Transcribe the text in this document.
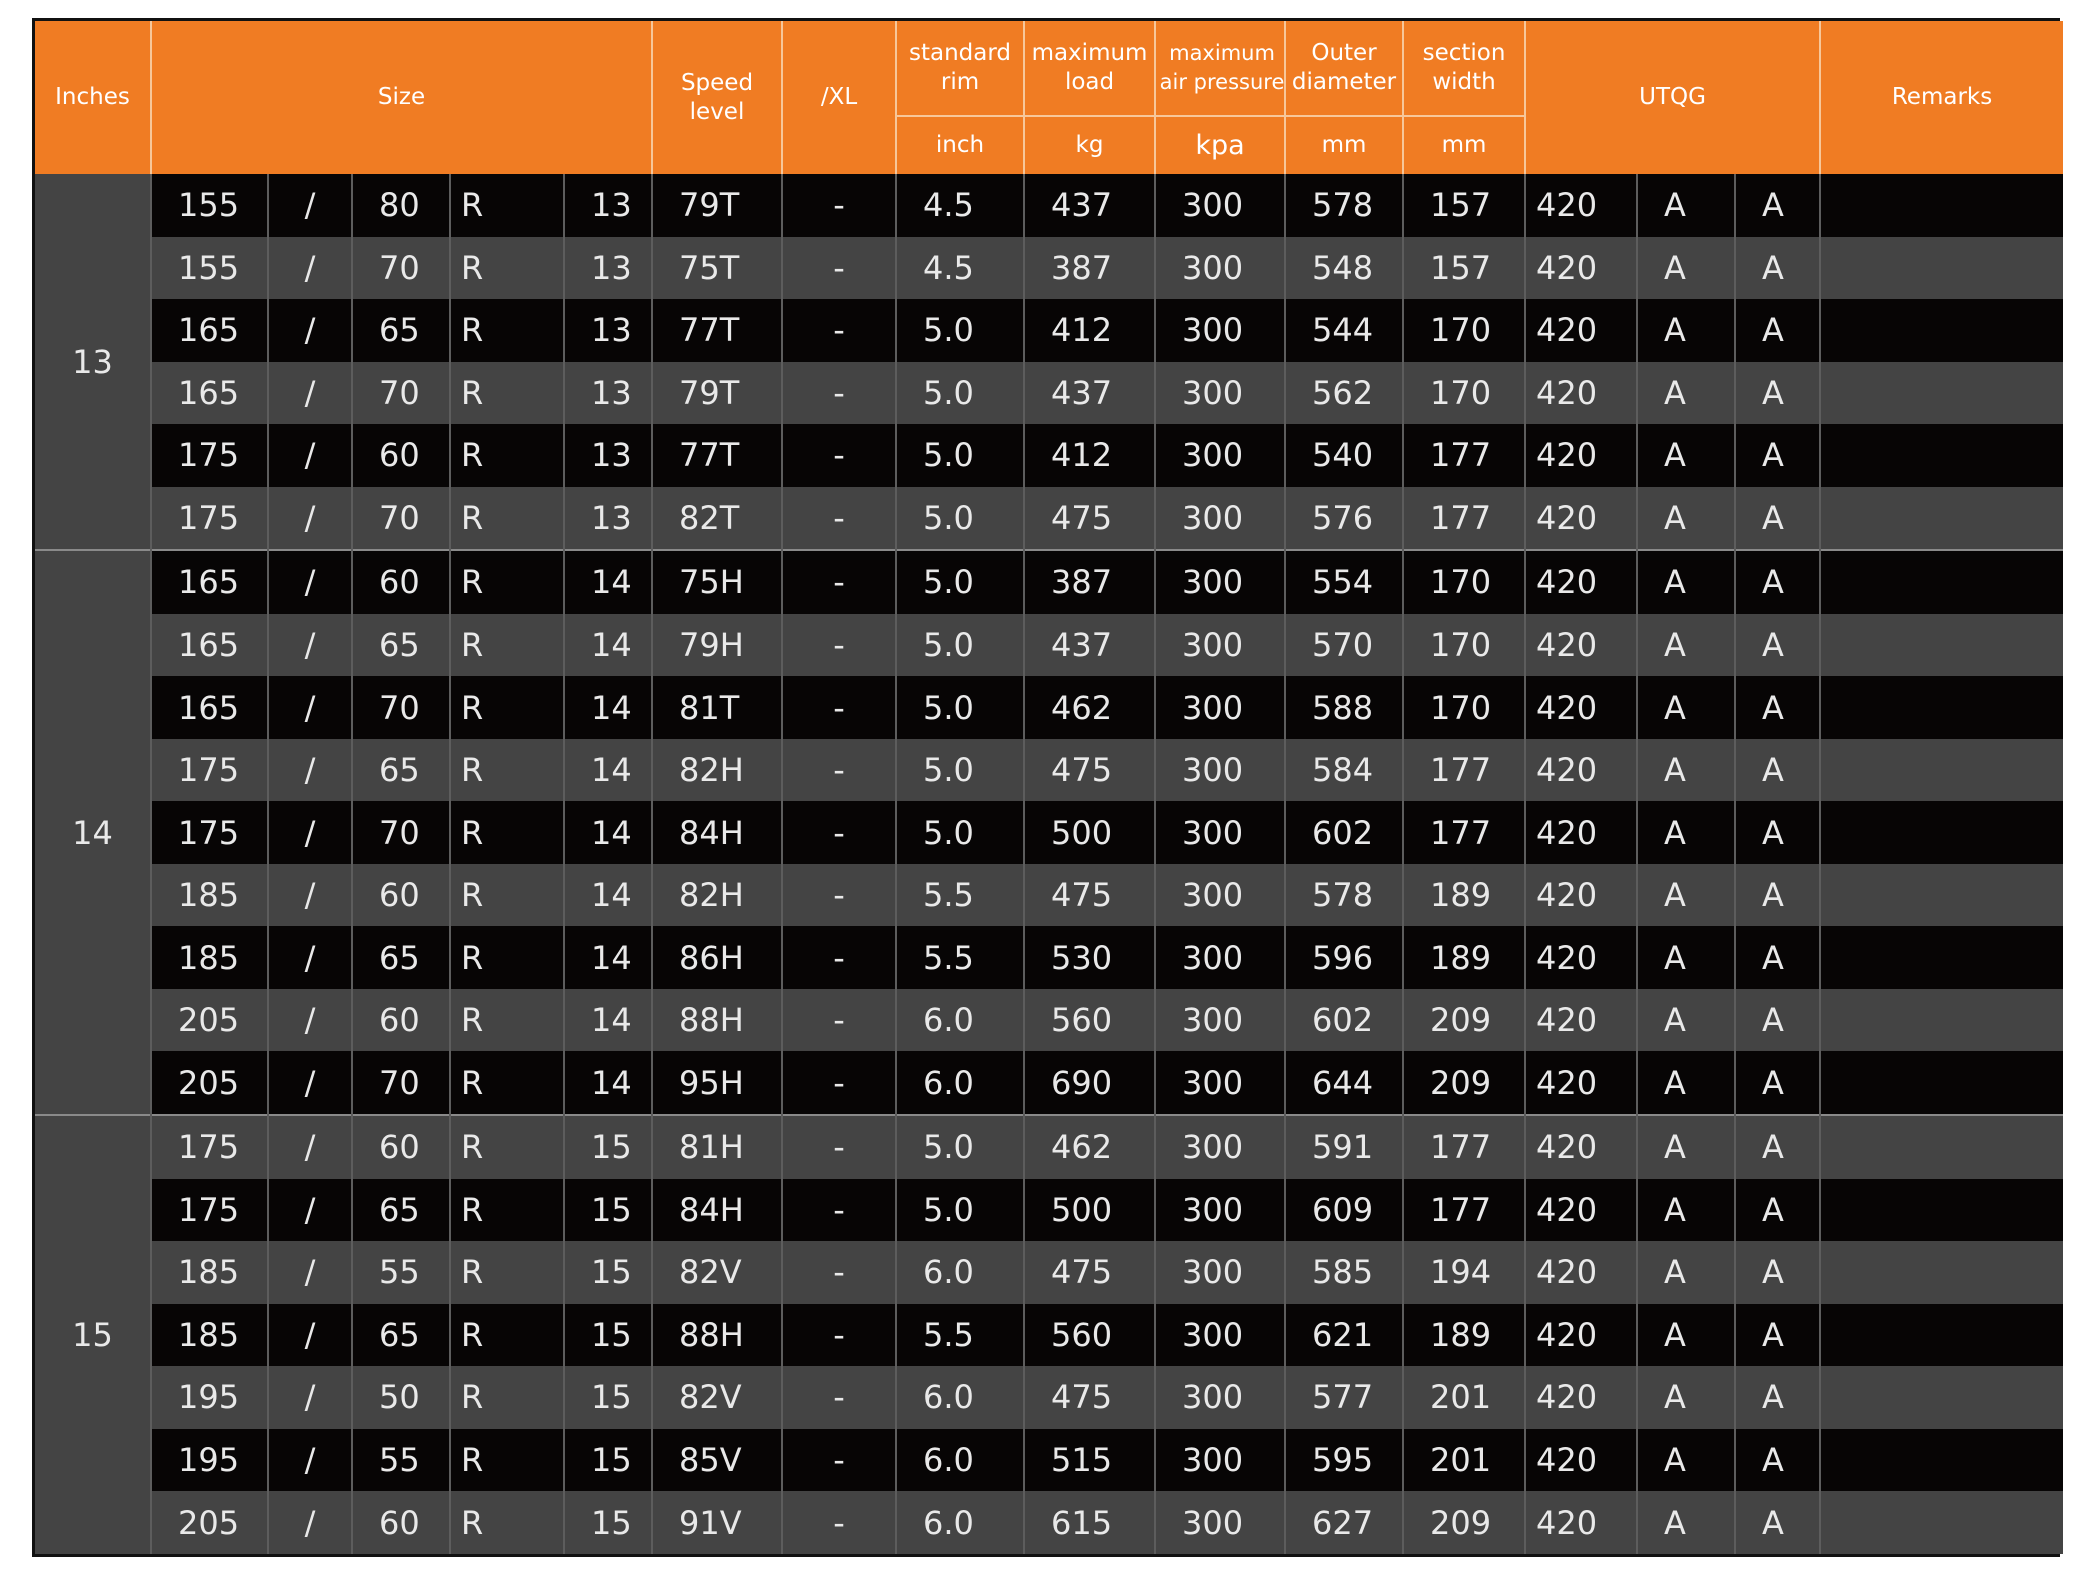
Inches	Size					Speed level	/XL	standard rim	maximum load	maximum air pressure	Outer diameter	section width	UTQG			Remarks
								inch	kg	kpa	mm	mm				
13	155	/	80	R	13	79T	-	4.5	437	300	578	157	420	A	A	
	155	/	70	R	13	75T	-	4.5	387	300	548	157	420	A	A	
	165	/	65	R	13	77T	-	5.0	412	300	544	170	420	A	A	
	165	/	70	R	13	79T	-	5.0	437	300	562	170	420	A	A	
	175	/	60	R	13	77T	-	5.0	412	300	540	177	420	A	A	
	175	/	70	R	13	82T	-	5.0	475	300	576	177	420	A	A	
14	165	/	60	R	14	75H	-	5.0	387	300	554	170	420	A	A	
	165	/	65	R	14	79H	-	5.0	437	300	570	170	420	A	A	
	165	/	70	R	14	81T	-	5.0	462	300	588	170	420	A	A	
	175	/	65	R	14	82H	-	5.0	475	300	584	177	420	A	A	
	175	/	70	R	14	84H	-	5.0	500	300	602	177	420	A	A	
	185	/	60	R	14	82H	-	5.5	475	300	578	189	420	A	A	
	185	/	65	R	14	86H	-	5.5	530	300	596	189	420	A	A	
	205	/	60	R	14	88H	-	6.0	560	300	602	209	420	A	A	
	205	/	70	R	14	95H	-	6.0	690	300	644	209	420	A	A	
15	175	/	60	R	15	81H	-	5.0	462	300	591	177	420	A	A	
	175	/	65	R	15	84H	-	5.0	500	300	609	177	420	A	A	
	185	/	55	R	15	82V	-	6.0	475	300	585	194	420	A	A	
	185	/	65	R	15	88H	-	5.5	560	300	621	189	420	A	A	
	195	/	50	R	15	82V	-	6.0	475	300	577	201	420	A	A	
	195	/	55	R	15	85V	-	6.0	515	300	595	201	420	A	A	
	205	/	60	R	15	91V	-	6.0	615	300	627	209	420	A	A	
